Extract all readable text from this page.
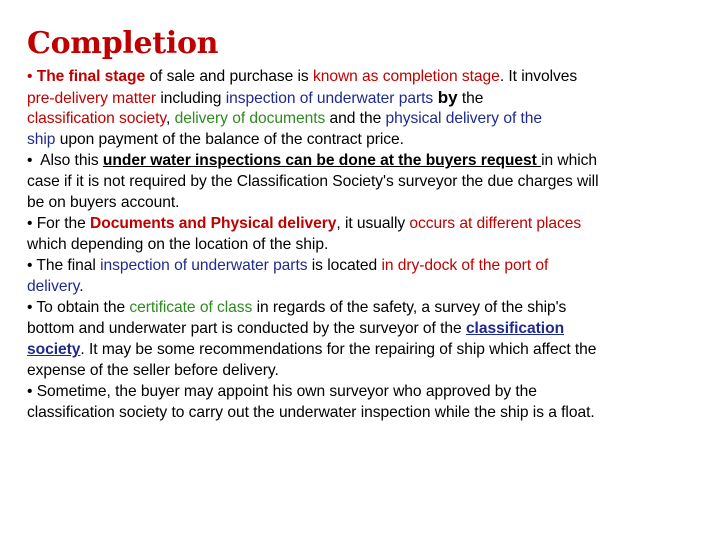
Completion
• The final stage of sale and purchase is known as completion stage. It involves
pre-delivery matter including inspection of underwater parts by the
classification society, delivery of documents and the physical delivery of the
ship upon payment of the balance of the contract price.
•  Also this under water inspections can be done at the buyers request in which
case if it is not required by the Classification Society's surveyor the due charges will
be on buyers account.
• For the Documents and Physical delivery, it usually occurs at different places
which depending on the location of the ship.
• The final inspection of underwater parts is located in dry-dock of the port of
delivery.
• To obtain the certificate of class in regards of the safety, a survey of the ship's
bottom and underwater part is conducted by the surveyor of the classification
society. It may be some recommendations for the repairing of ship which affect the
expense of the seller before delivery.
• Sometime, the buyer may appoint his own surveyor who approved by the
classification society to carry out the underwater inspection while the ship is a float.
